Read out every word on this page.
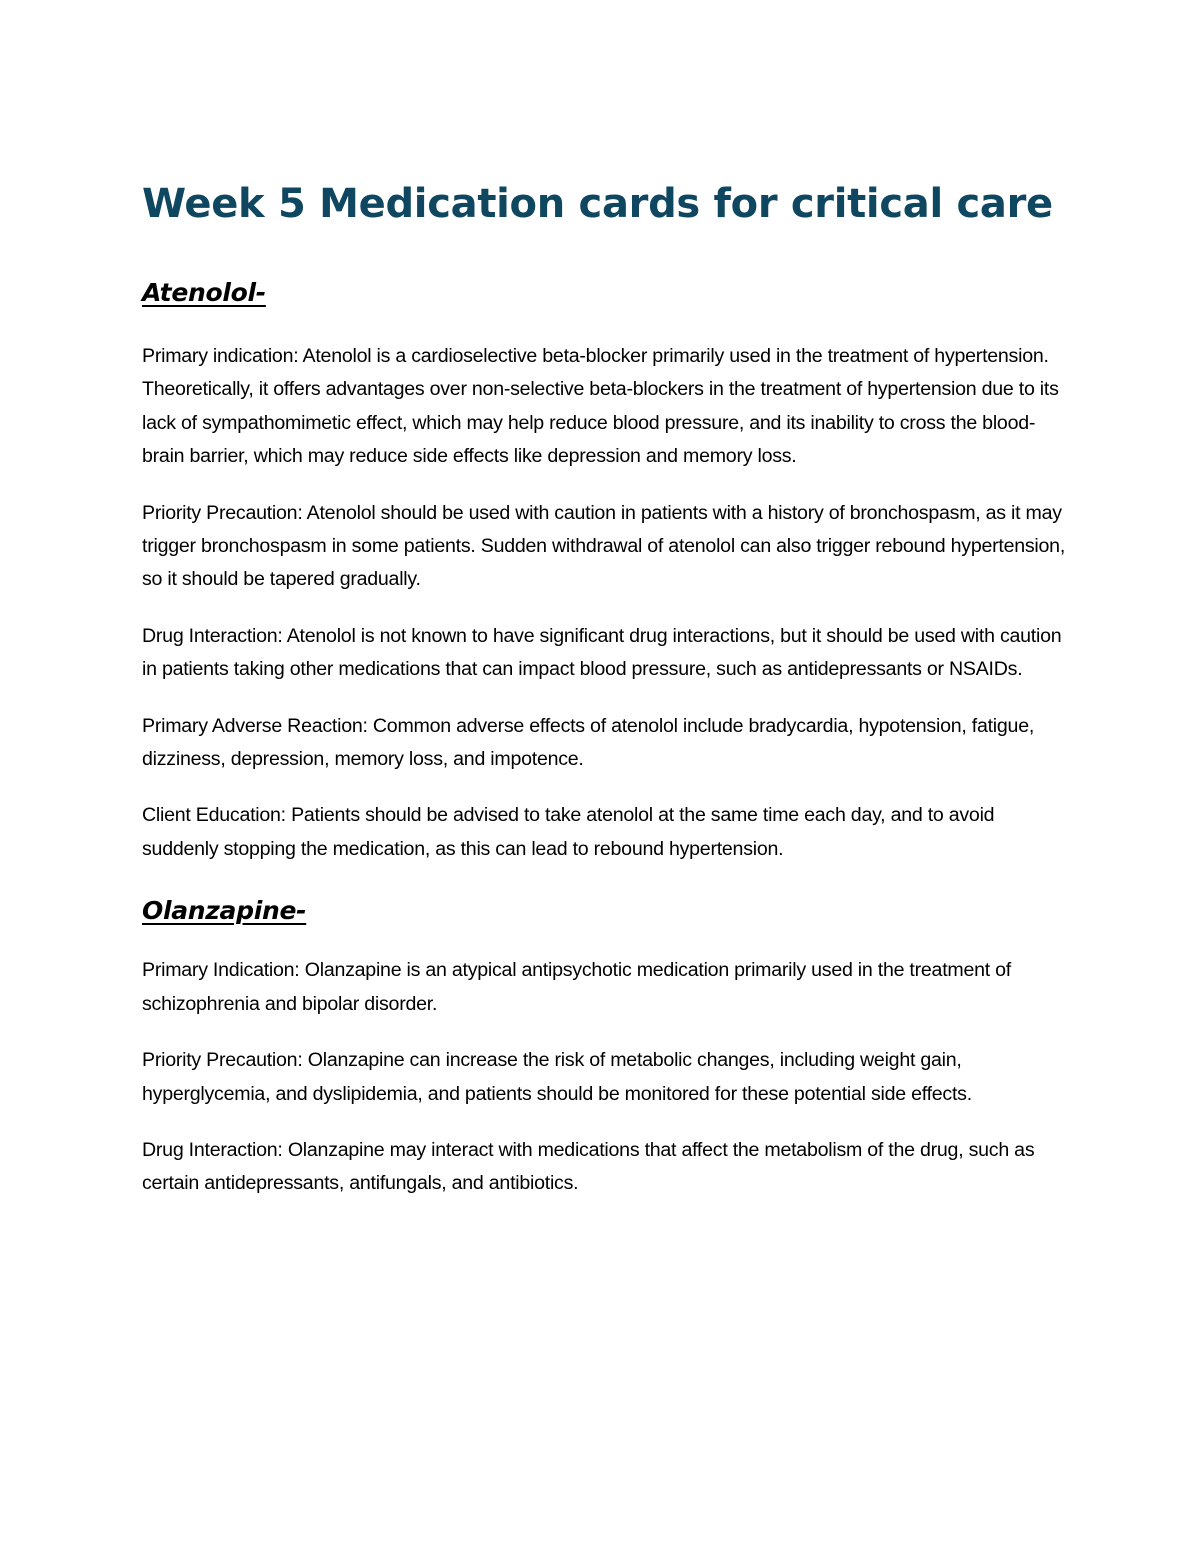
Week 5 Medication cards for critical care
Atenolol-

Primary indication: Atenolol is a cardioselective beta-blocker primarily used in the treatment of hypertension. Theoretically, it offers advantages over non-selective beta-blockers in the treatment of hypertension due to its lack of sympathomimetic effect, which may help reduce blood pressure, and its inability to cross the blood-brain barrier, which may reduce side effects like depression and memory loss.

Priority Precaution: Atenolol should be used with caution in patients with a history of bronchospasm, as it may trigger bronchospasm in some patients. Sudden withdrawal of atenolol can also trigger rebound hypertension, so it should be tapered gradually.

Drug Interaction: Atenolol is not known to have significant drug interactions, but it should be used with caution in patients taking other medications that can impact blood pressure, such as antidepressants or NSAIDs.

Primary Adverse Reaction: Common adverse effects of atenolol include bradycardia, hypotension, fatigue, dizziness, depression, memory loss, and impotence.

Client Education: Patients should be advised to take atenolol at the same time each day, and to avoid suddenly stopping the medication, as this can lead to rebound hypertension.

Olanzapine-

Primary Indication: Olanzapine is an atypical antipsychotic medication primarily used in the treatment of schizophrenia and bipolar disorder.

Priority Precaution: Olanzapine can increase the risk of metabolic changes, including weight gain, hyperglycemia, and dyslipidemia, and patients should be monitored for these potential side effects.

Drug Interaction: Olanzapine may interact with medications that affect the metabolism of the drug, such as certain antidepressants, antifungals, and antibiotics.
